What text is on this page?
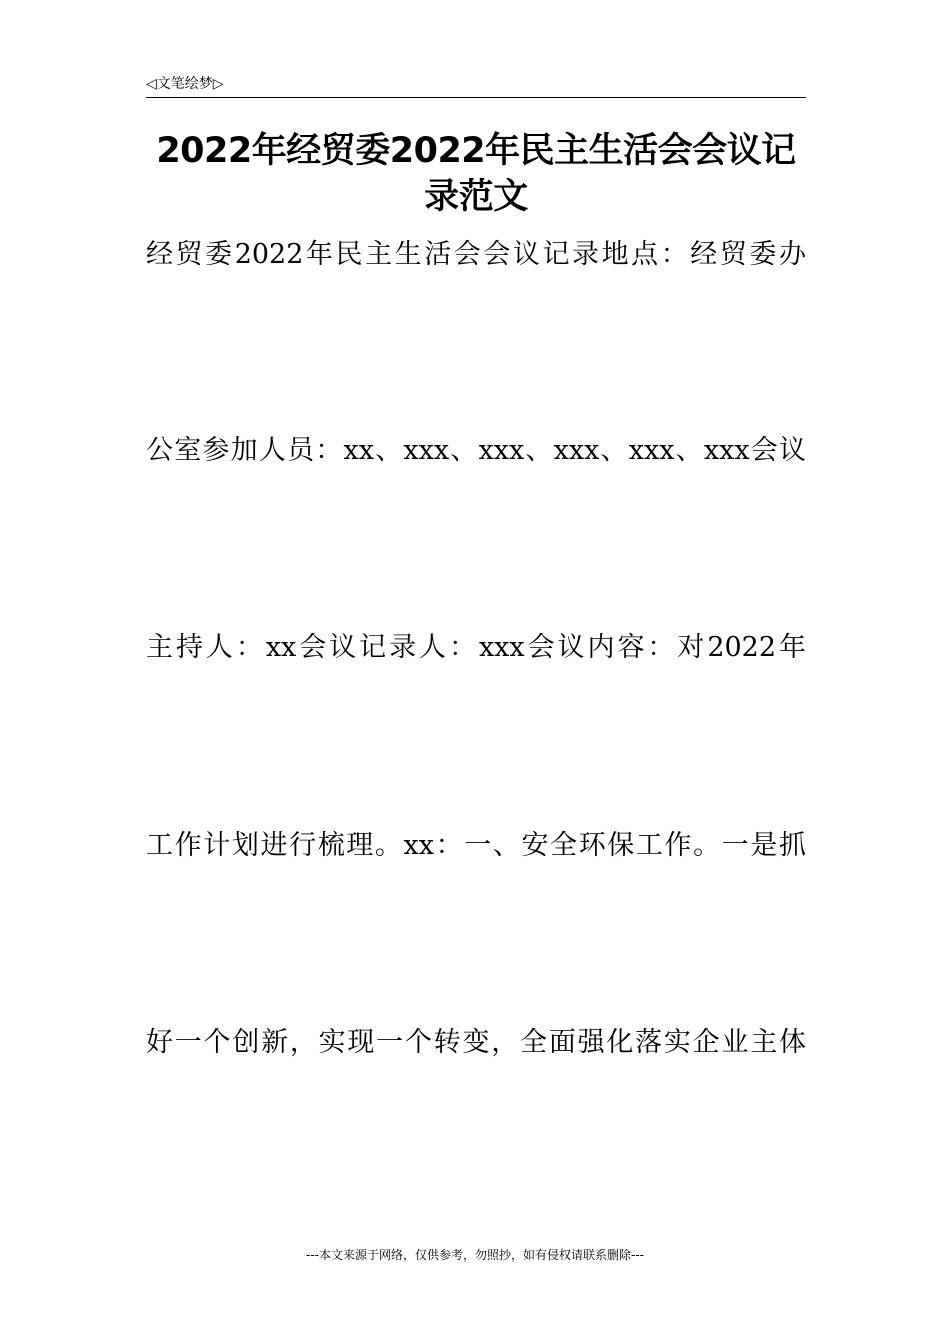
◁文笔绘梦▷
2022年经贸委2022年民主生活会会议记录范文
经贸委2022年民主生活会会议记录地点：经贸委办
公室参加人员：xx、xxx、xxx、xxx、xxx、xxx会议
主持人：xx会议记录人：xxx会议内容：对2022年
工作计划进行梳理。xx：一、安全环保工作。一是抓
好一个创新，实现一个转变，全面强化落实企业主体
---本文来源于网络，仅供参考，勿照抄，如有侵权请联系删除---
